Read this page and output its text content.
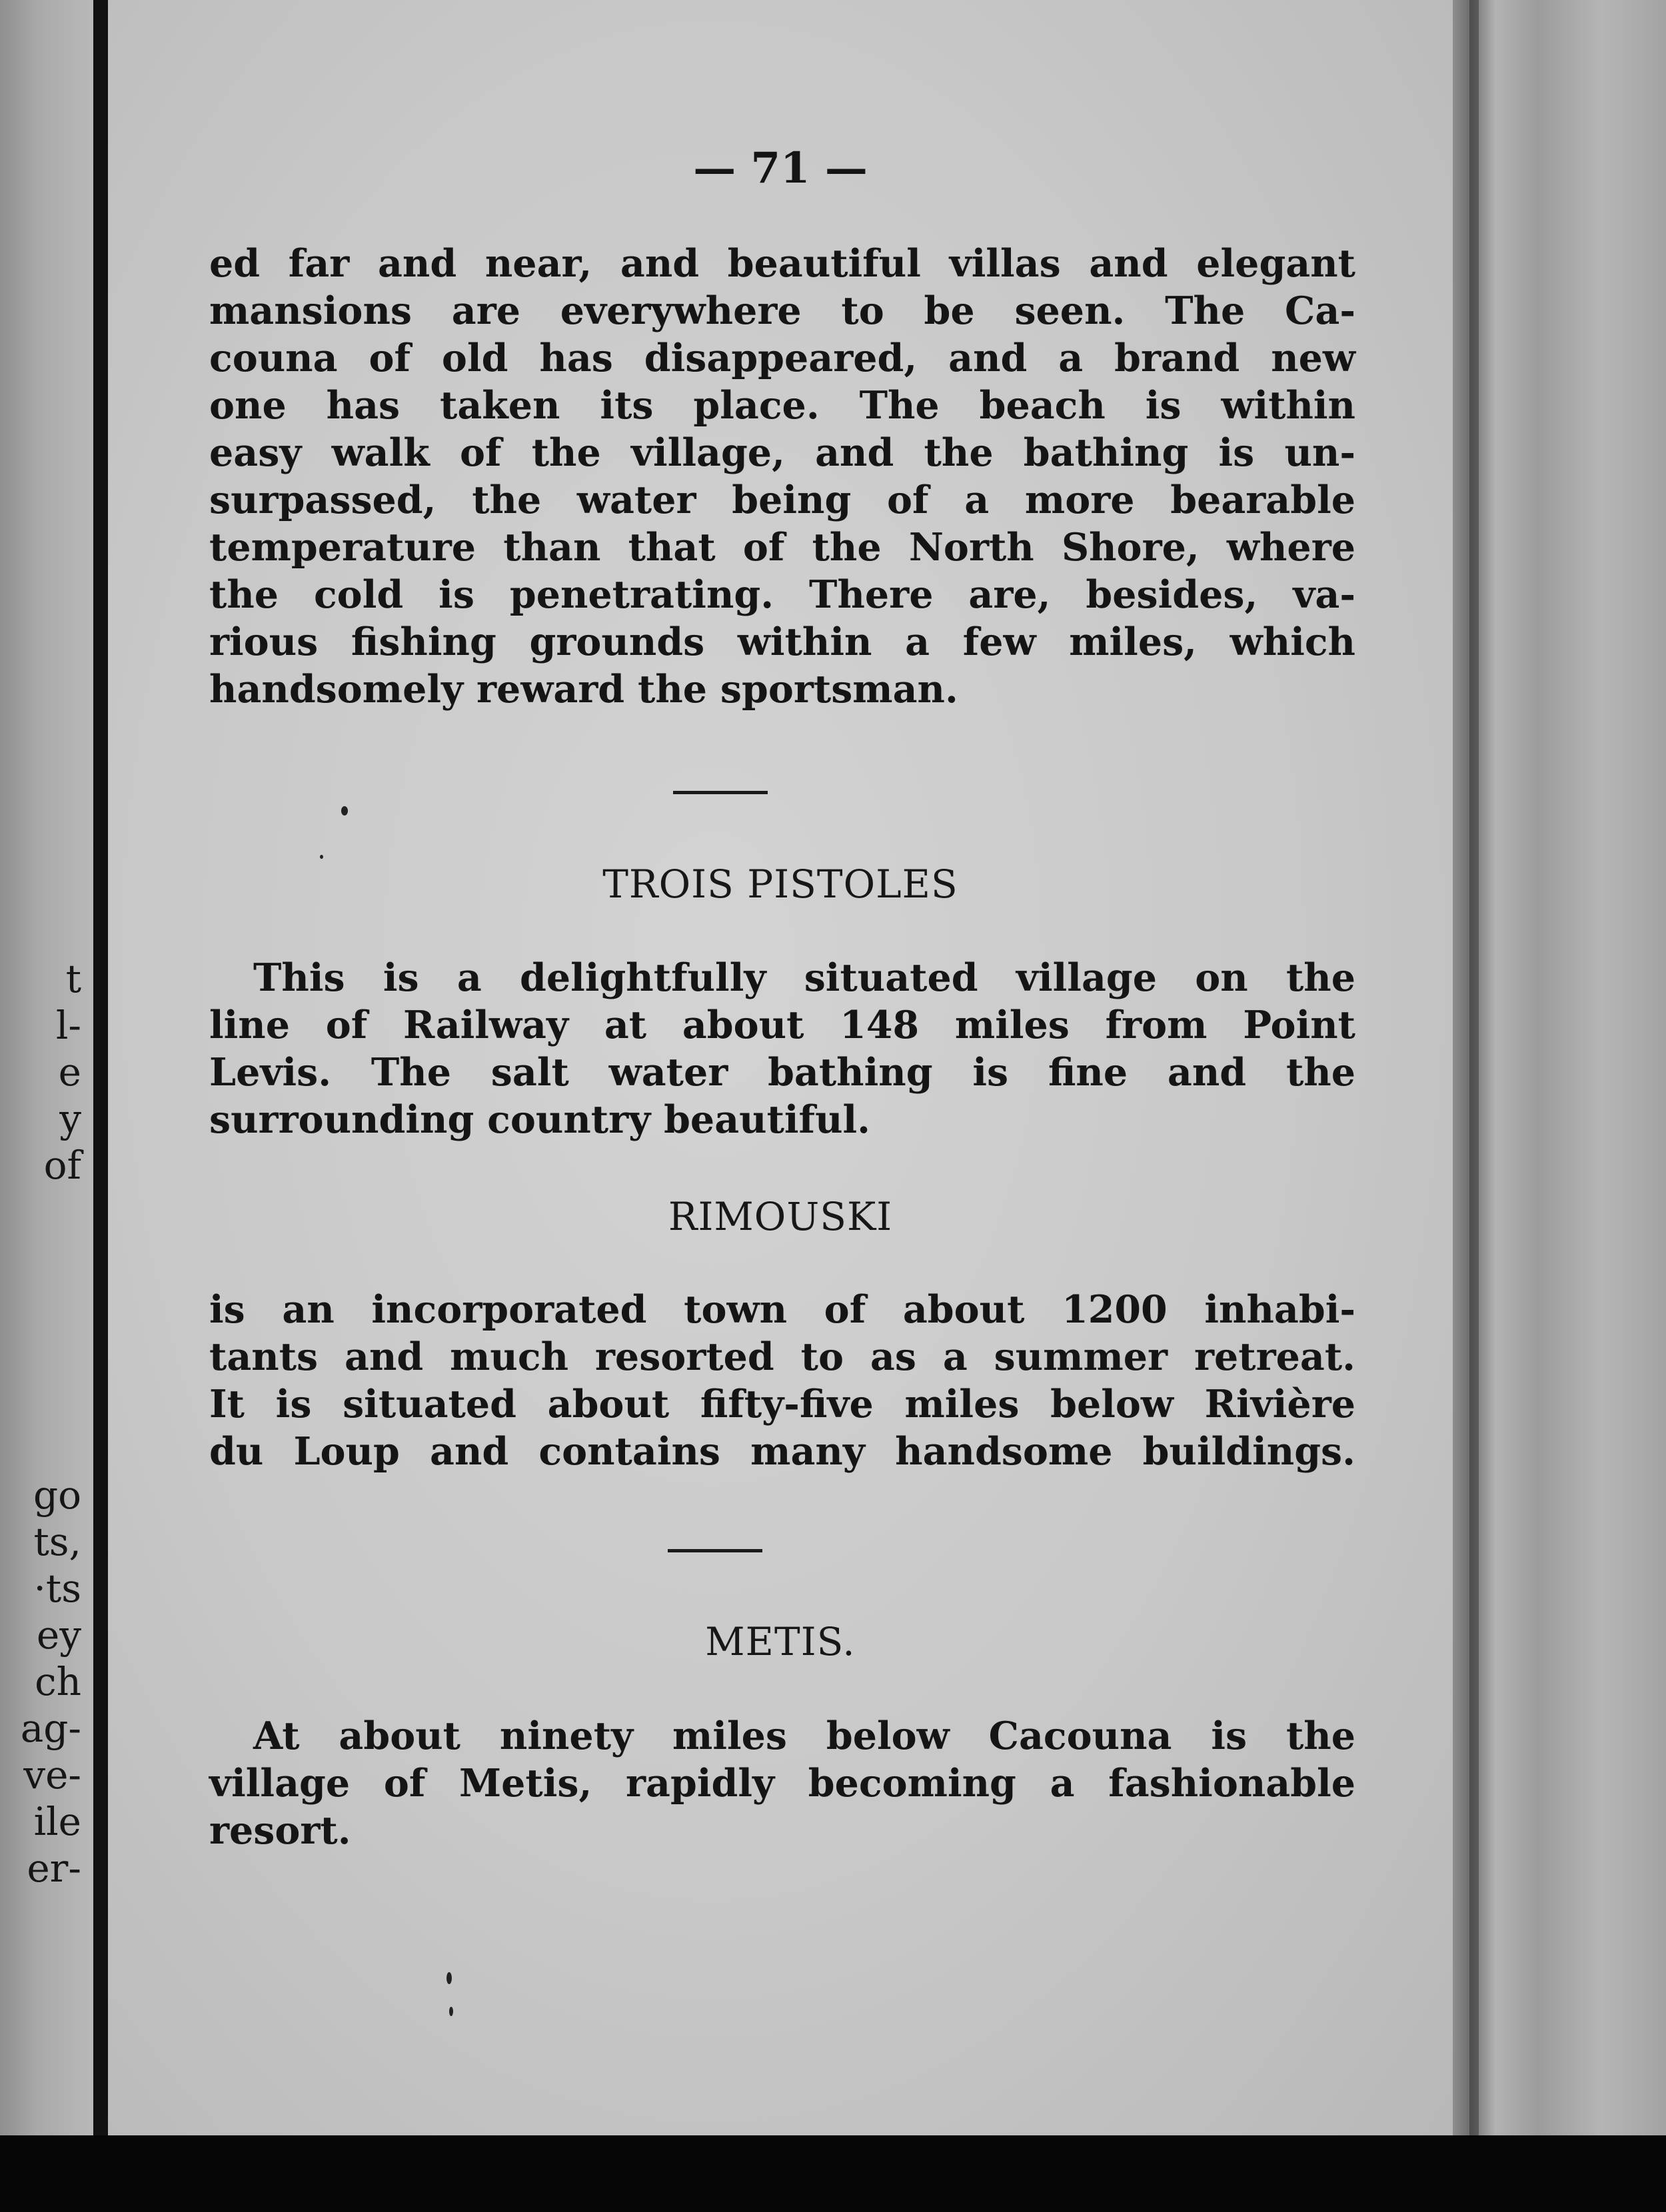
t
l-
e
y
of
go
ts,
·ts
ey
ch
ag-
ve-
ile
er-
— 71 —
ed far and near, and beautiful villas and elegant
mansions are everywhere to be seen. The Ca-
couna of old has disappeared, and a brand new
one has taken its place. The beach is within
easy walk of the village, and the bathing is un-
surpassed, the water being of a more bearable
temperature than that of the North Shore, where
the cold is penetrating. There are, besides, va-
rious fishing grounds within a few miles, which
handsomely reward the sportsman.
TROIS PISTOLES
This is a delightfully situated village on the
line of Railway at about 148 miles from Point
Levis. The salt water bathing is fine and the
surrounding country beautiful.
RIMOUSKI
is an incorporated town of about 1200 inhabi-
tants and much resorted to as a summer retreat.
It is situated about fifty-five miles below Rivière
du Loup and contains many handsome buildings.
METIS.
At about ninety miles below Cacouna is the
village of Metis, rapidly becoming a fashionable
resort.
